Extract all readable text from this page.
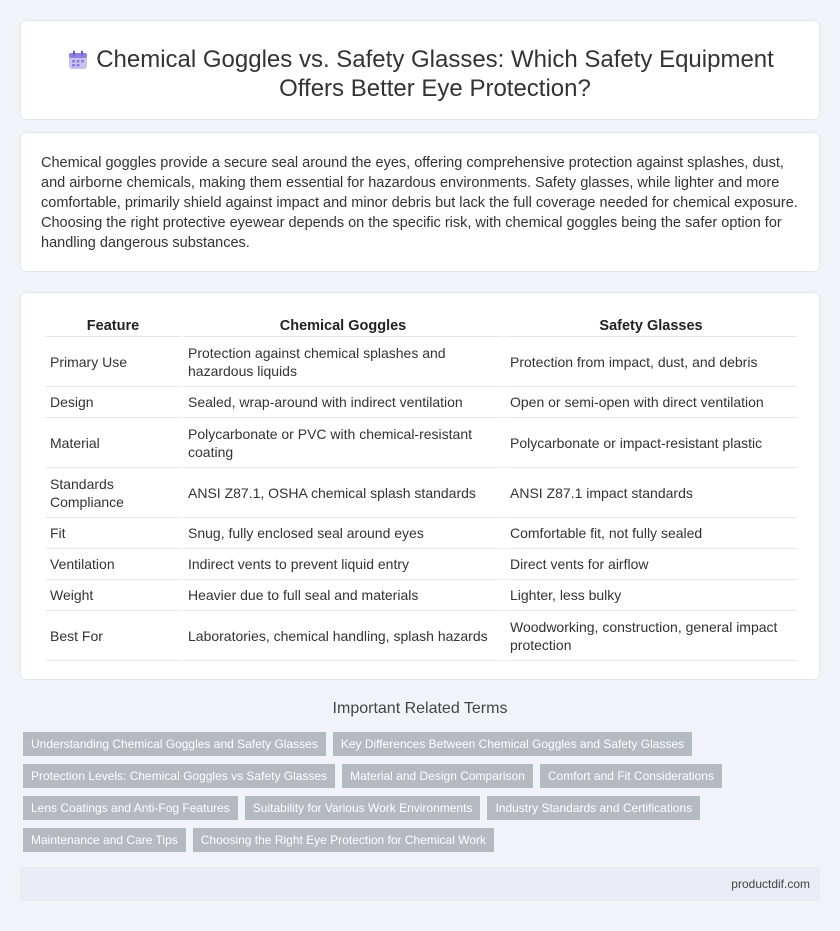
Chemical Goggles vs. Safety Glasses: Which Safety Equipment Offers Better Eye Protection?

Chemical goggles provide a secure seal around the eyes, offering comprehensive protection against splashes, dust, and airborne chemicals, making them essential for hazardous environments. Safety glasses, while lighter and more comfortable, primarily shield against impact and minor debris but lack the full coverage needed for chemical exposure. Choosing the right protective eyewear depends on the specific risk, with chemical goggles being the safer option for handling dangerous substances.

Feature	Chemical Goggles	Safety Glasses
Primary Use	Protection against chemical splashes and hazardous liquids	Protection from impact, dust, and debris
Design	Sealed, wrap-around with indirect ventilation	Open or semi-open with direct ventilation
Material	Polycarbonate or PVC with chemical-resistant coating	Polycarbonate or impact-resistant plastic
Standards Compliance	ANSI Z87.1, OSHA chemical splash standards	ANSI Z87.1 impact standards
Fit	Snug, fully enclosed seal around eyes	Comfortable fit, not fully sealed
Ventilation	Indirect vents to prevent liquid entry	Direct vents for airflow
Weight	Heavier due to full seal and materials	Lighter, less bulky
Best For	Laboratories, chemical handling, splash hazards	Woodworking, construction, general impact protection
Important Related Terms
Understanding Chemical Goggles and Safety Glasses	Key Differences Between Chemical Goggles and Safety Glasses
Protection Levels: Chemical Goggles vs Safety Glasses	Material and Design Comparison	Comfort and Fit Considerations
Lens Coatings and Anti-Fog Features	Suitability for Various Work Environments	Industry Standards and Certifications
Maintenance and Care Tips	Choosing the Right Eye Protection for Chemical Work
productdif.com
